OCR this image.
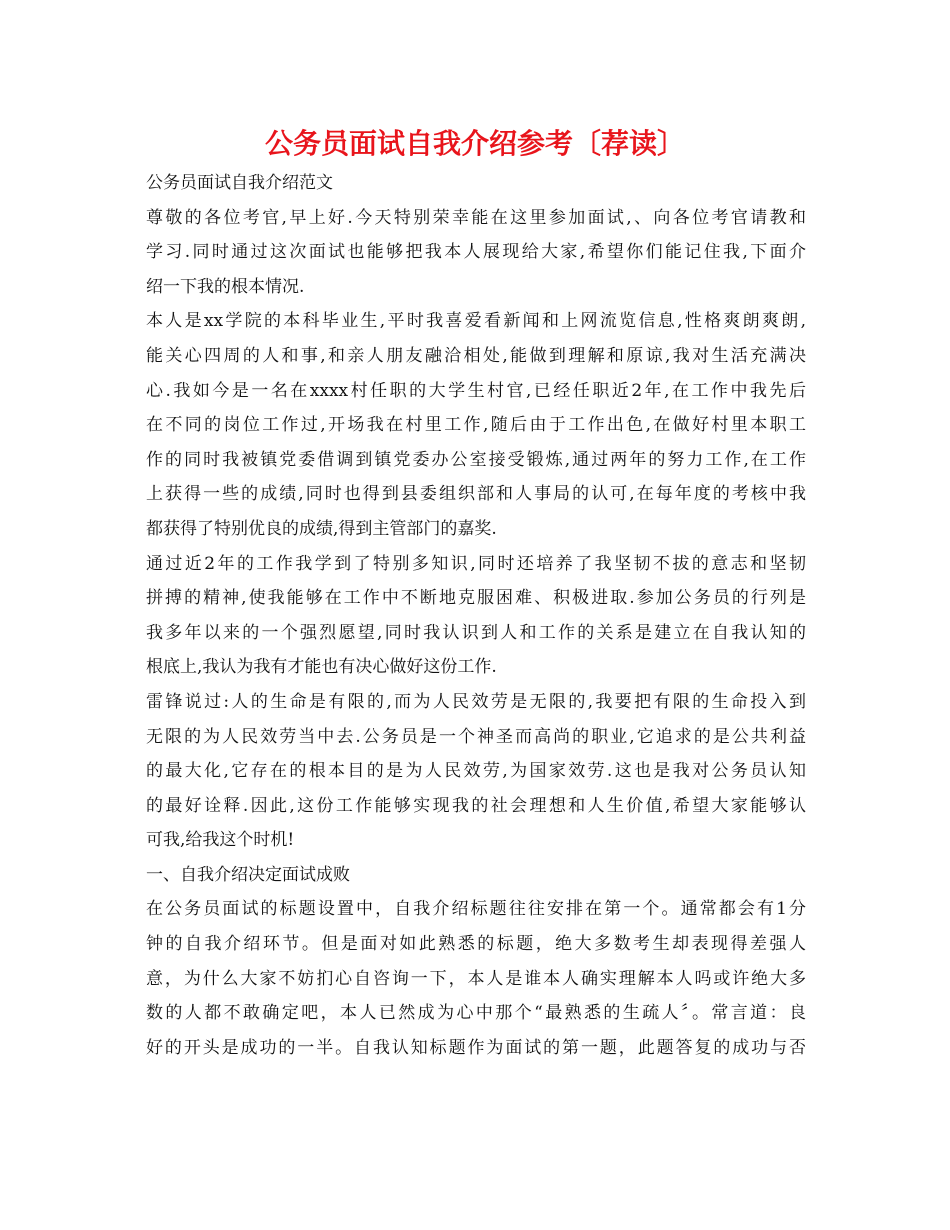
公务员面试自我介绍参考〔荐读〕
公务员面试自我介绍范文
尊敬的各位考官,早上好.今天特别荣幸能在这里参加面试,、向各位考官请教和
学习.同时通过这次面试也能够把我本人展现给大家,希望你们能记住我,下面介
绍一下我的根本情况.
本人是xx学院的本科毕业生,平时我喜爱看新闻和上网流览信息,性格爽朗爽朗,
能关心四周的人和事,和亲人朋友融洽相处,能做到理解和原谅,我对生活充满决
心.我如今是一名在xxxx村任职的大学生村官,已经任职近2年,在工作中我先后
在不同的岗位工作过,开场我在村里工作,随后由于工作出色,在做好村里本职工
作的同时我被镇党委借调到镇党委办公室接受锻炼,通过两年的努力工作,在工作
上获得一些的成绩,同时也得到县委组织部和人事局的认可,在每年度的考核中我
都获得了特别优良的成绩,得到主管部门的嘉奖.
通过近2年的工作我学到了特别多知识,同时还培养了我坚韧不拔的意志和坚韧
拼搏的精神,使我能够在工作中不断地克服困难、积极进取.参加公务员的行列是
我多年以来的一个强烈愿望,同时我认识到人和工作的关系是建立在自我认知的
根底上,我认为我有才能也有决心做好这份工作.
雷锋说过:人的生命是有限的,而为人民效劳是无限的,我要把有限的生命投入到
无限的为人民效劳当中去.公务员是一个神圣而高尚的职业,它追求的是公共利益
的最大化,它存在的根本目的是为人民效劳,为国家效劳.这也是我对公务员认知
的最好诠释.因此,这份工作能够实现我的社会理想和人生价值,希望大家能够认
可我,给我这个时机!
一、自我介绍决定面试成败
在公务员面试的标题设置中，自我介绍标题往往安排在第一个。通常都会有1分
钟的自我介绍环节。但是面对如此熟悉的标题，绝大多数考生却表现得差强人
意，为什么大家不妨扪心自咨询一下，本人是谁本人确实理解本人吗或许绝大多
数的人都不敢确定吧，本人已然成为心中那个“最熟悉的生疏人〞。常言道：良
好的开头是成功的一半。自我认知标题作为面试的第一题，此题答复的成功与否
